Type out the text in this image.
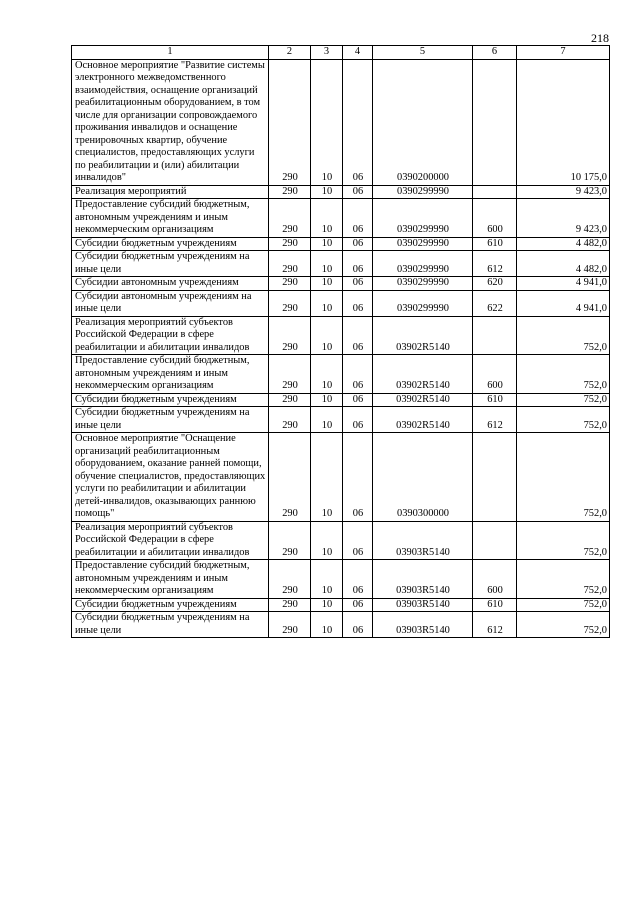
218
1	2	3	4	5	6	7
Основное мероприятие "Развитие системы электронного межведомственного взаимодействия, оснащение организаций реабилитационным оборудованием, в том числе для организации сопровождаемого проживания инвалидов и оснащение тренировочных квартир, обучение специалистов, предоставляющих услуги по реабилитации и (или) абилитации инвалидов"	290	10	06	0390200000		10 175,0
Реализация мероприятий	290	10	06	0390299990		9 423,0
Предоставление субсидий бюджетным, автономным учреждениям и иным некоммерческим организациям	290	10	06	0390299990	600	9 423,0
Субсидии бюджетным учреждениям	290	10	06	0390299990	610	4 482,0
Субсидии бюджетным учреждениям на иные цели	290	10	06	0390299990	612	4 482,0
Субсидии автономным учреждениям	290	10	06	0390299990	620	4 941,0
Субсидии автономным учреждениям на иные цели	290	10	06	0390299990	622	4 941,0
Реализация мероприятий субъектов Российской Федерации в сфере реабилитации и абилитации инвалидов	290	10	06	03902R5140		752,0
Предоставление субсидий бюджетным, автономным учреждениям и иным некоммерческим организациям	290	10	06	03902R5140	600	752,0
Субсидии бюджетным учреждениям	290	10	06	03902R5140	610	752,0
Субсидии бюджетным учреждениям на иные цели	290	10	06	03902R5140	612	752,0
Основное мероприятие "Оснащение организаций реабилитационным оборудованием, оказание ранней помощи, обучение специалистов, предоставляющих услуги по реабилитации и абилитации детей-инвалидов, оказывающих раннюю помощь"	290	10	06	0390300000		752,0
Реализация мероприятий субъектов Российской Федерации в сфере реабилитации и абилитации инвалидов	290	10	06	03903R5140		752,0
Предоставление субсидий бюджетным, автономным учреждениям и иным некоммерческим организациям	290	10	06	03903R5140	600	752,0
Субсидии бюджетным учреждениям	290	10	06	03903R5140	610	752,0
Субсидии бюджетным учреждениям на иные цели	290	10	06	03903R5140	612	752,0
